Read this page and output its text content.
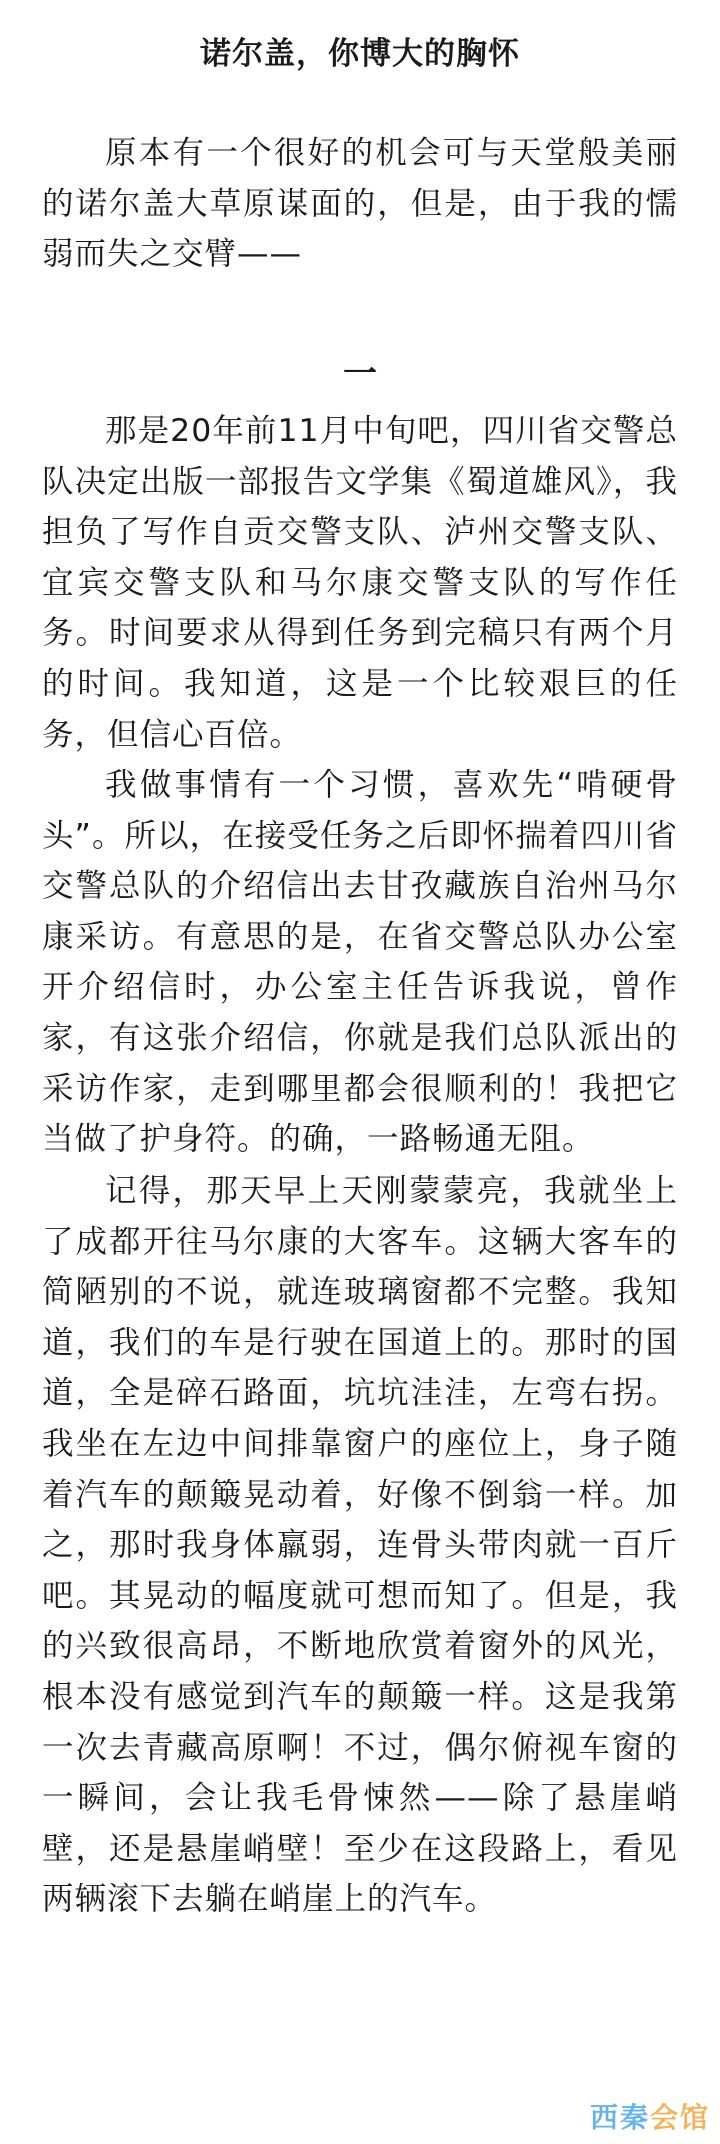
诺尔盖，你博大的胸怀

原本有一个很好的机会可与天堂般美丽的诺尔盖大草原谋面的，但是，由于我的懦弱而失之交臂——

一

那是20年前11月中旬吧，四川省交警总队决定出版一部报告文学集《蜀道雄风》，我担负了写作自贡交警支队、泸州交警支队、宜宾交警支队和马尔康交警支队的写作任务。时间要求从得到任务到完稿只有两个月的时间。我知道，这是一个比较艰巨的任务，但信心百倍。

我做事情有一个习惯，喜欢先“啃硬骨头”。所以，在接受任务之后即怀揣着四川省交警总队的介绍信出去甘孜藏族自治州马尔康采访。有意思的是，在省交警总队办公室开介绍信时，办公室主任告诉我说，曾作家，有这张介绍信，你就是我们总队派出的采访作家，走到哪里都会很顺利的！我把它当做了护身符。的确，一路畅通无阻。

记得，那天早上天刚蒙蒙亮，我就坐上了成都开往马尔康的大客车。这辆大客车的简陋别的不说，就连玻璃窗都不完整。我知道，我们的车是行驶在国道上的。那时的国道，全是碎石路面，坑坑洼洼，左弯右拐。我坐在左边中间排靠窗户的座位上，身子随着汽车的颠簸晃动着，好像不倒翁一样。加之，那时我身体羸弱，连骨头带肉就一百斤吧。其晃动的幅度就可想而知了。但是，我的兴致很高昂，不断地欣赏着窗外的风光，根本没有感觉到汽车的颠簸一样。这是我第一次去青藏高原啊！不过，偶尔俯视车窗的一瞬间，会让我毛骨悚然——除了悬崖峭壁，还是悬崖峭壁！至少在这段路上，看见两辆滚下去躺在峭崖上的汽车。

西秦会馆
